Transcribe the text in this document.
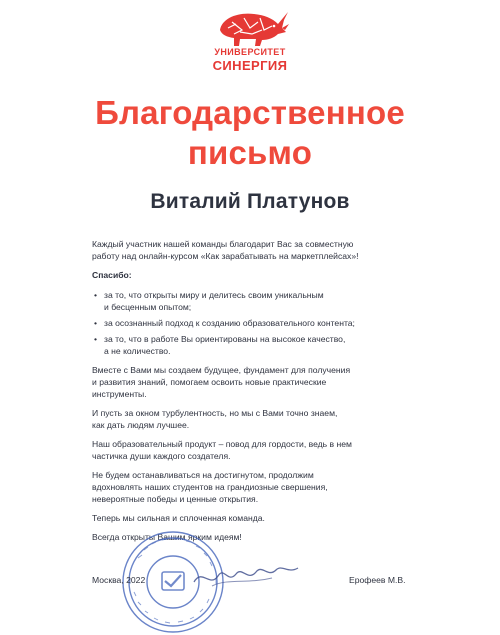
УНИВЕРСИТЕТ
СИНЕРГИЯ
Благодарственное
письмо
Виталий Платунов
Каждый участник нашей команды благодарит Вас за совместную
работу над онлайн-курсом «Как зарабатывать на маркетплейсах»!
Спасибо:
• за то, что открыты миру и делитесь своим уникальным
и бесценным опытом;
• за осознанный подход к созданию образовательного контента;
• за то, что в работе Вы ориентированы на высокое качество,
а не количество.
Вместе с Вами мы создаем будущее, фундамент для получения
и развития знаний, помогаем освоить новые практические
инструменты.
И пусть за окном турбулентность, но мы с Вами точно знаем,
как дать людям лучшее.
Наш образовательный продукт – повод для гордости, ведь в нем
частичка души каждого создателя.
Не будем останавливаться на достигнутом, продолжим
вдохновлять наших студентов на грандиозные свершения,
невероятные победы и ценные открытия.
Теперь мы сильная и сплоченная команда.
Всегда открыты Вашим ярким идеям!
Москва, 2022	Ерофеев М.В.
